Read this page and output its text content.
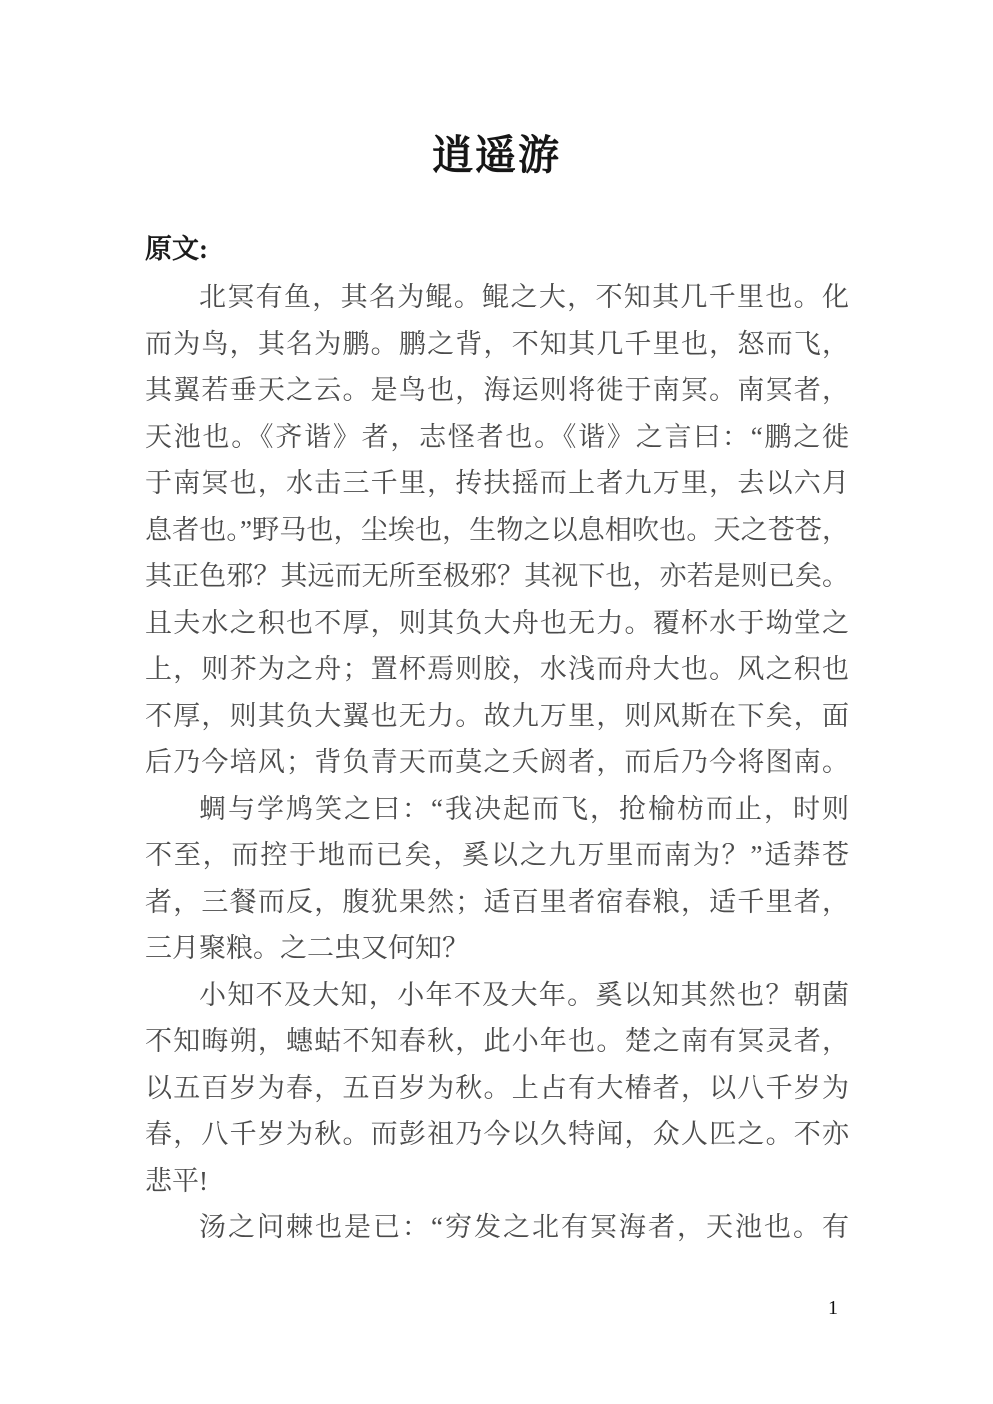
逍遥游
原文:
北冥有鱼，其名为鲲。鲲之大，不知其几千里也。化
而为鸟，其名为鹏。鹏之背，不知其几千里也，怒而飞，
其翼若垂天之云。是鸟也，海运则将徙于南冥。南冥者，
天池也。《齐谐》者，志怪者也。《谐》之言曰：“鹏之徙
于南冥也，水击三千里，抟扶摇而上者九万里，去以六月
息者也。”野马也，尘埃也，生物之以息相吹也。天之苍苍，
其正色邪？其远而无所至极邪？其视下也，亦若是则已矣。
且夫水之积也不厚，则其负大舟也无力。覆杯水于坳堂之
上，则芥为之舟；置杯焉则胶，水浅而舟大也。风之积也
不厚，则其负大翼也无力。故九万里，则风斯在下矣，面
后乃今培风；背负青天而莫之夭阏者，而后乃今将图南。
蜩与学鸠笑之曰：“我决起而飞，抢榆枋而止，时则
不至，而控于地而已矣，奚以之九万里而南为？”适莽苍
者，三餐而反，腹犹果然；适百里者宿春粮，适千里者，
三月聚粮。之二虫又何知？
小知不及大知，小年不及大年。奚以知其然也？朝菌
不知晦朔，蟪蛄不知春秋，此小年也。楚之南有冥灵者，
以五百岁为春，五百岁为秋。上占有大椿者，以八千岁为
春，八千岁为秋。而彭祖乃今以久特闻，众人匹之。不亦
悲平!
汤之问棘也是已：“穷发之北有冥海者，天池也。有
1
